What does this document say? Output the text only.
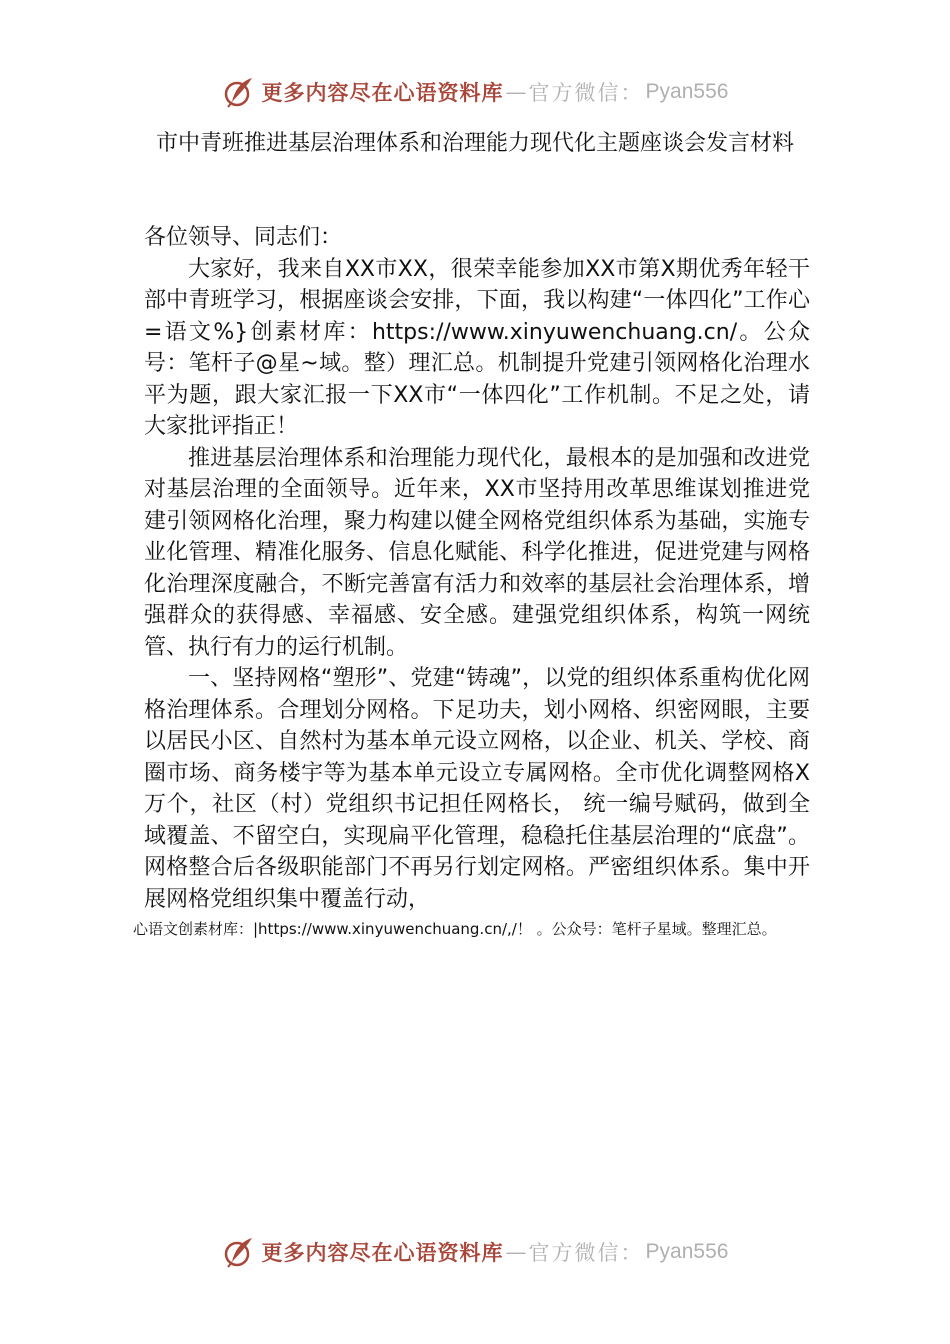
更多内容尽在心语资料库 — 官方微信： Pyan556
市中青班推进基层治理体系和治理能力现代化主题座谈会发言材料

各位领导、同志们：

大家好，我来自XX市XX，很荣幸能参加XX市第X期优秀年轻干部中青班学习，根据座谈会安排，下面，我以构建“一体四化”工作心=语文%}创素材库：https://www.xinyuwenchuang.cn/。公众号：笔杆子@星~域。整）理汇总。机制提升党建引领网格化治理水平为题，跟大家汇报一下XX市“一体四化”工作机制。不足之处，请大家批评指正！

推进基层治理体系和治理能力现代化，最根本的是加强和改进党对基层治理的全面领导。近年来，XX市坚持用改革思维谋划推进党建引领网格化治理，聚力构建以健全网格党组织体系为基础，实施专业化管理、精准化服务、信息化赋能、科学化推进，促进党建与网格化治理深度融合，不断完善富有活力和效率的基层社会治理体系，增强群众的获得感、幸福感、安全感。建强党组织体系，构筑一网统管、执行有力的运行机制。

一、坚持网格“塑形”、党建“铸魂”，以党的组织体系重构优化网格治理体系。合理划分网格。下足功夫，划小网格、织密网眼，主要以居民小区、自然村为基本单元设立网格，以企业、机关、学校、商圈市场、商务楼宇等为基本单元设立专属网格。全市优化调整网格X万个，社区（村）党组织书记担任网格长， 统一编号赋码，做到全域覆盖、不留空白，实现扁平化管理，稳稳托住基层治理的“底盘”。网格整合后各级职能部门不再另行划定网格。严密组织体系。集中开展网格党组织集中覆盖行动，

心语文创素材库：|https://www.xinyuwenchuang.cn/,/！ 。公众号：笔杆子星域。整理汇总。
更多内容尽在心语资料库 — 官方微信： Pyan556
